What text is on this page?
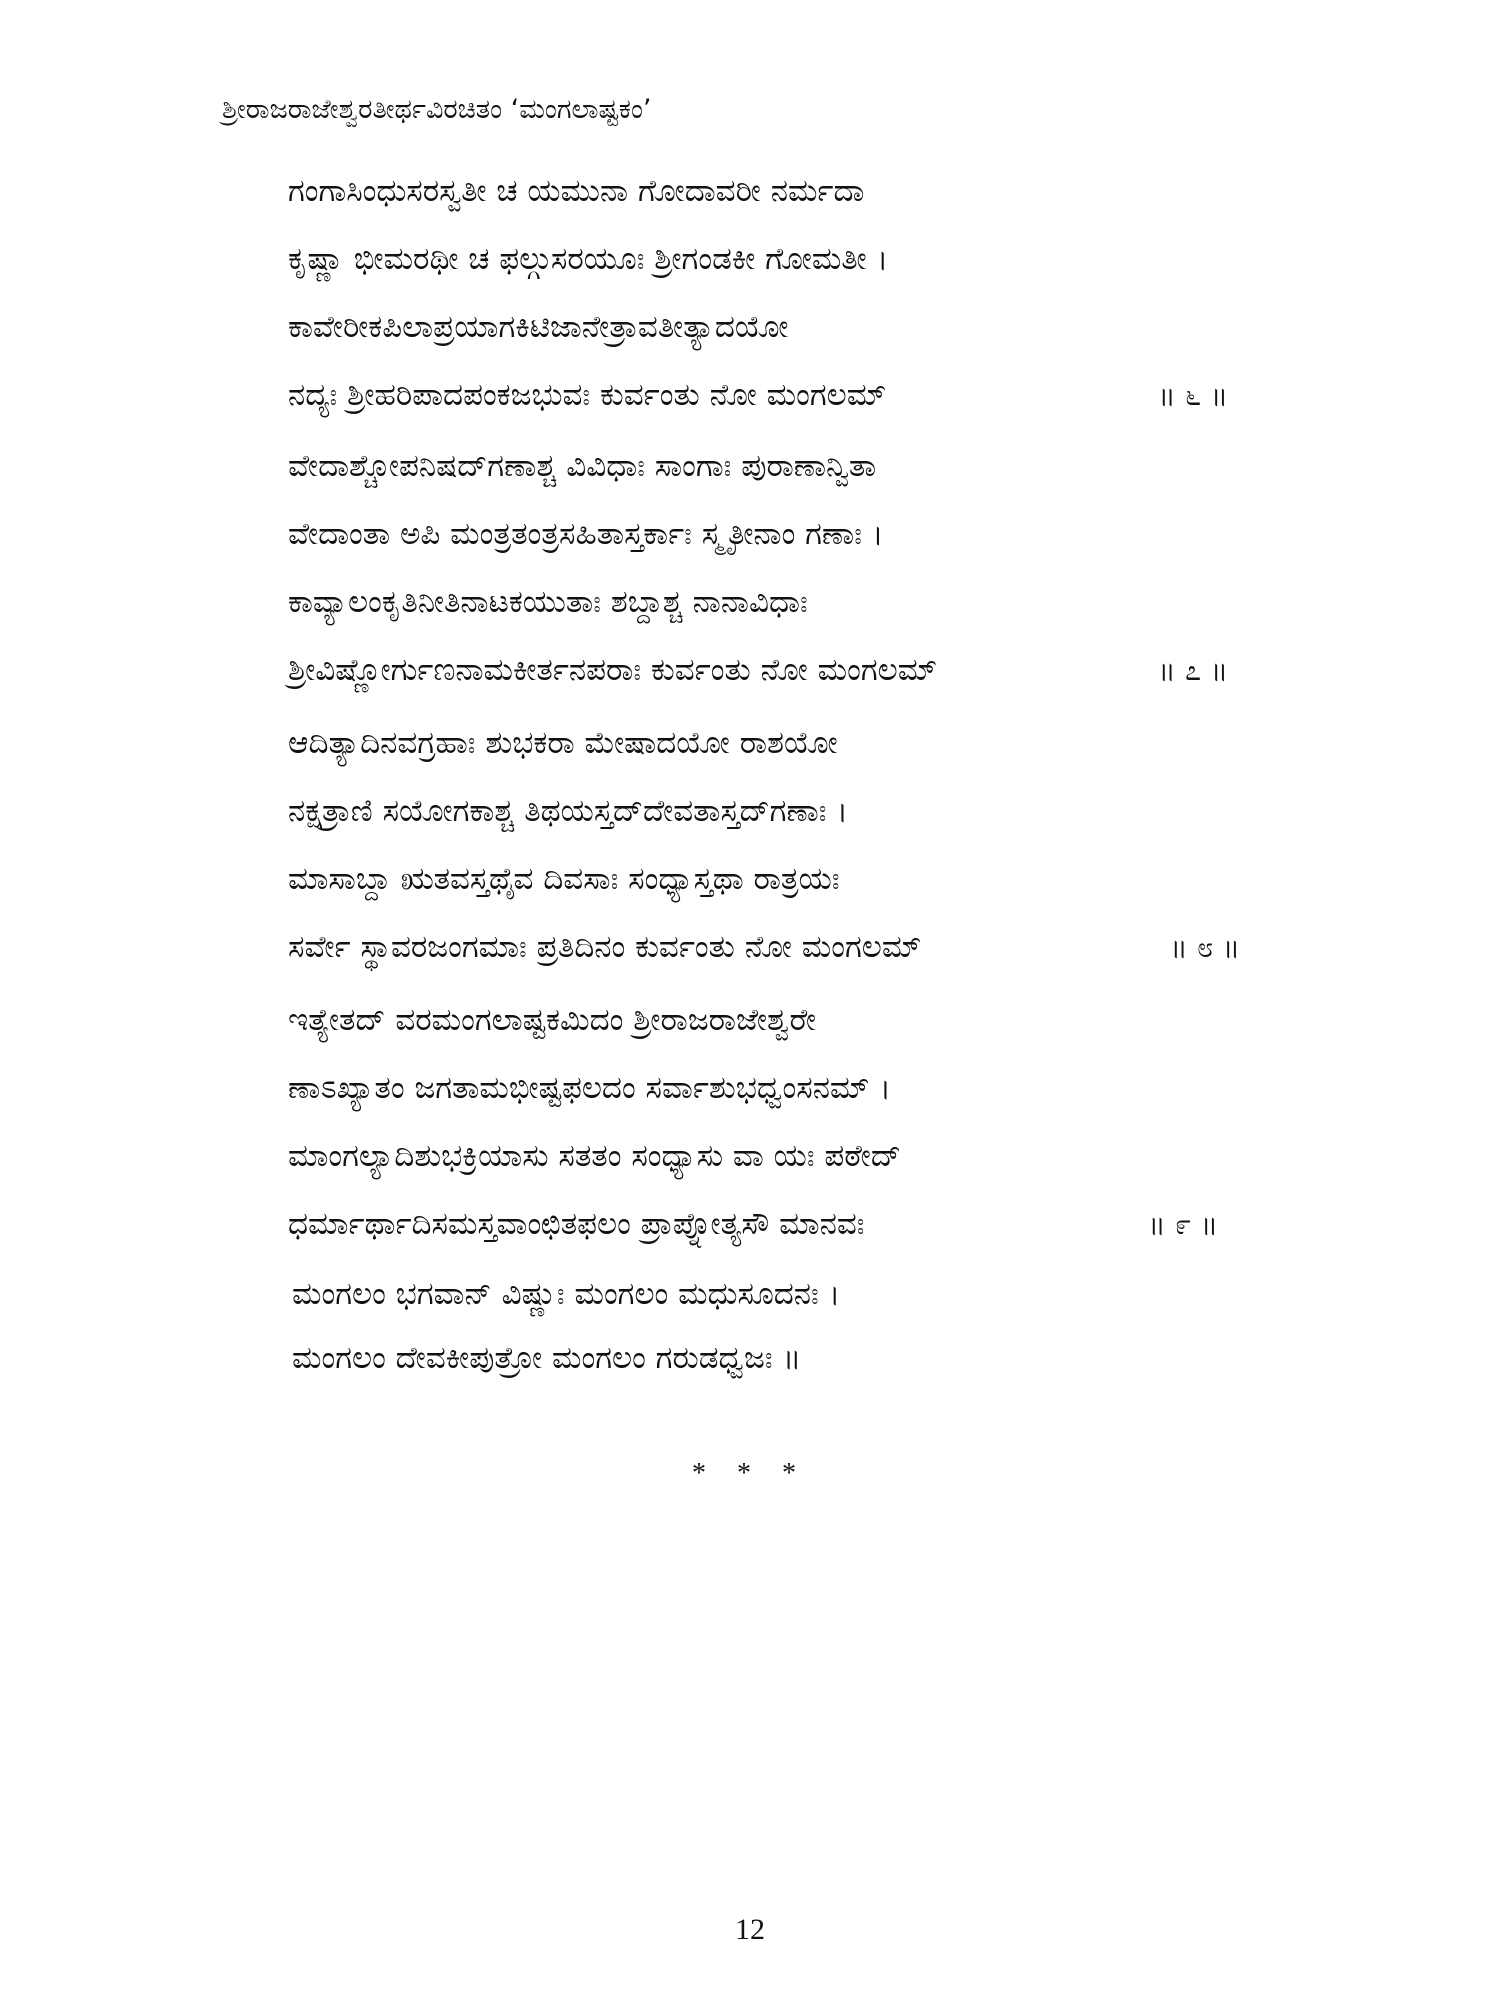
ಶ್ರೀರಾಜರಾಜೇಶ್ವರತೀರ್ಥವಿರಚಿತಂ ‘ಮಂಗಲಾಷ್ಟಕಂ’
ಗಂಗಾಸಿಂಧುಸರಸ್ವತೀ ಚ ಯಮುನಾ ಗೋದಾವರೀ ನರ್ಮದಾ
ಕೃಷ್ಣಾ ಭೀಮರಥೀ ಚ ಫಲ್ಗುಸರಯೂಃ ಶ್ರೀಗಂಡಕೀ ಗೋಮತೀ ।
ಕಾವೇರೀಕಪಿಲಾಪ್ರಯಾಗಕಿಟಿಜಾನೇತ್ರಾವತೀತ್ಯಾದಯೋ
ನದ್ಯಃ ಶ್ರೀಹರಿಪಾದಪಂಕಜಭುವಃ ಕುರ್ವಂತು ನೋ ಮಂಗಲಮ್	॥ ೬ ॥
ವೇದಾಶ್ಚೋಪನಿಷದ್‌ಗಣಾಶ್ಚ ವಿವಿಧಾಃ ಸಾಂಗಾಃ ಪುರಾಣಾನ್ವಿತಾ
ವೇದಾಂತಾ ಅಪಿ ಮಂತ್ರತಂತ್ರಸಹಿತಾಸ್ತರ್ಕಾಃ ಸ್ಮೃತೀನಾಂ ಗಣಾಃ ।
ಕಾವ್ಯಾಲಂಕೃತಿನೀತಿನಾಟಕಯುತಾಃ ಶಬ್ದಾಶ್ಚ ನಾನಾವಿಧಾಃ
ಶ್ರೀವಿಷ್ಣೋರ್ಗುಣನಾಮಕೀರ್ತನಪರಾಃ ಕುರ್ವಂತು ನೋ ಮಂಗಲಮ್	॥ ೭ ॥
ಆದಿತ್ಯಾದಿನವಗ್ರಹಾಃ ಶುಭಕರಾ ಮೇಷಾದಯೋ ರಾಶಯೋ
ನಕ್ಷತ್ರಾಣಿ ಸಯೋಗಕಾಶ್ಚ ತಿಥಯಸ್ತದ್‌ದೇವತಾಸ್ತದ್‌ಗಣಾಃ ।
ಮಾಸಾಬ್ದಾ ಋತವಸ್ತಥೈವ ದಿವಸಾಃ ಸಂಧ್ಯಾಸ್ತಥಾ ರಾತ್ರಯಃ
ಸರ್ವೇ ಸ್ಥಾವರಜಂಗಮಾಃ ಪ್ರತಿದಿನಂ ಕುರ್ವಂತು ನೋ ಮಂಗಲಮ್	॥ ೮ ॥
ಇತ್ಯೇತದ್ ವರಮಂಗಲಾಷ್ಟಕಮಿದಂ ಶ್ರೀರಾಜರಾಜೇಶ್ವರೇ
ಣಾಽಖ್ಯಾತಂ ಜಗತಾಮಭೀಷ್ಟಫಲದಂ ಸರ್ವಾಶುಭಧ್ವಂಸನಮ್ ।
ಮಾಂಗಲ್ಯಾದಿಶುಭಕ್ರಿಯಾಸು ಸತತಂ ಸಂಧ್ಯಾಸು ವಾ ಯಃ ಪಠೇದ್
ಧರ್ಮಾರ್ಥಾದಿಸಮಸ್ತವಾಂಛಿತಫಲಂ ಪ್ರಾಪ್ನೋತ್ಯಸೌ ಮಾನವಃ	॥ ೯ ॥
ಮಂಗಲಂ ಭಗವಾನ್ ವಿಷ್ಣುಃ ಮಂಗಲಂ ಮಧುಸೂದನಃ ।
ಮಂಗಲಂ ದೇವಕೀಪುತ್ರೋ ಮಂಗಲಂ ಗರುಡಧ್ವಜಃ ॥
* * *
12
